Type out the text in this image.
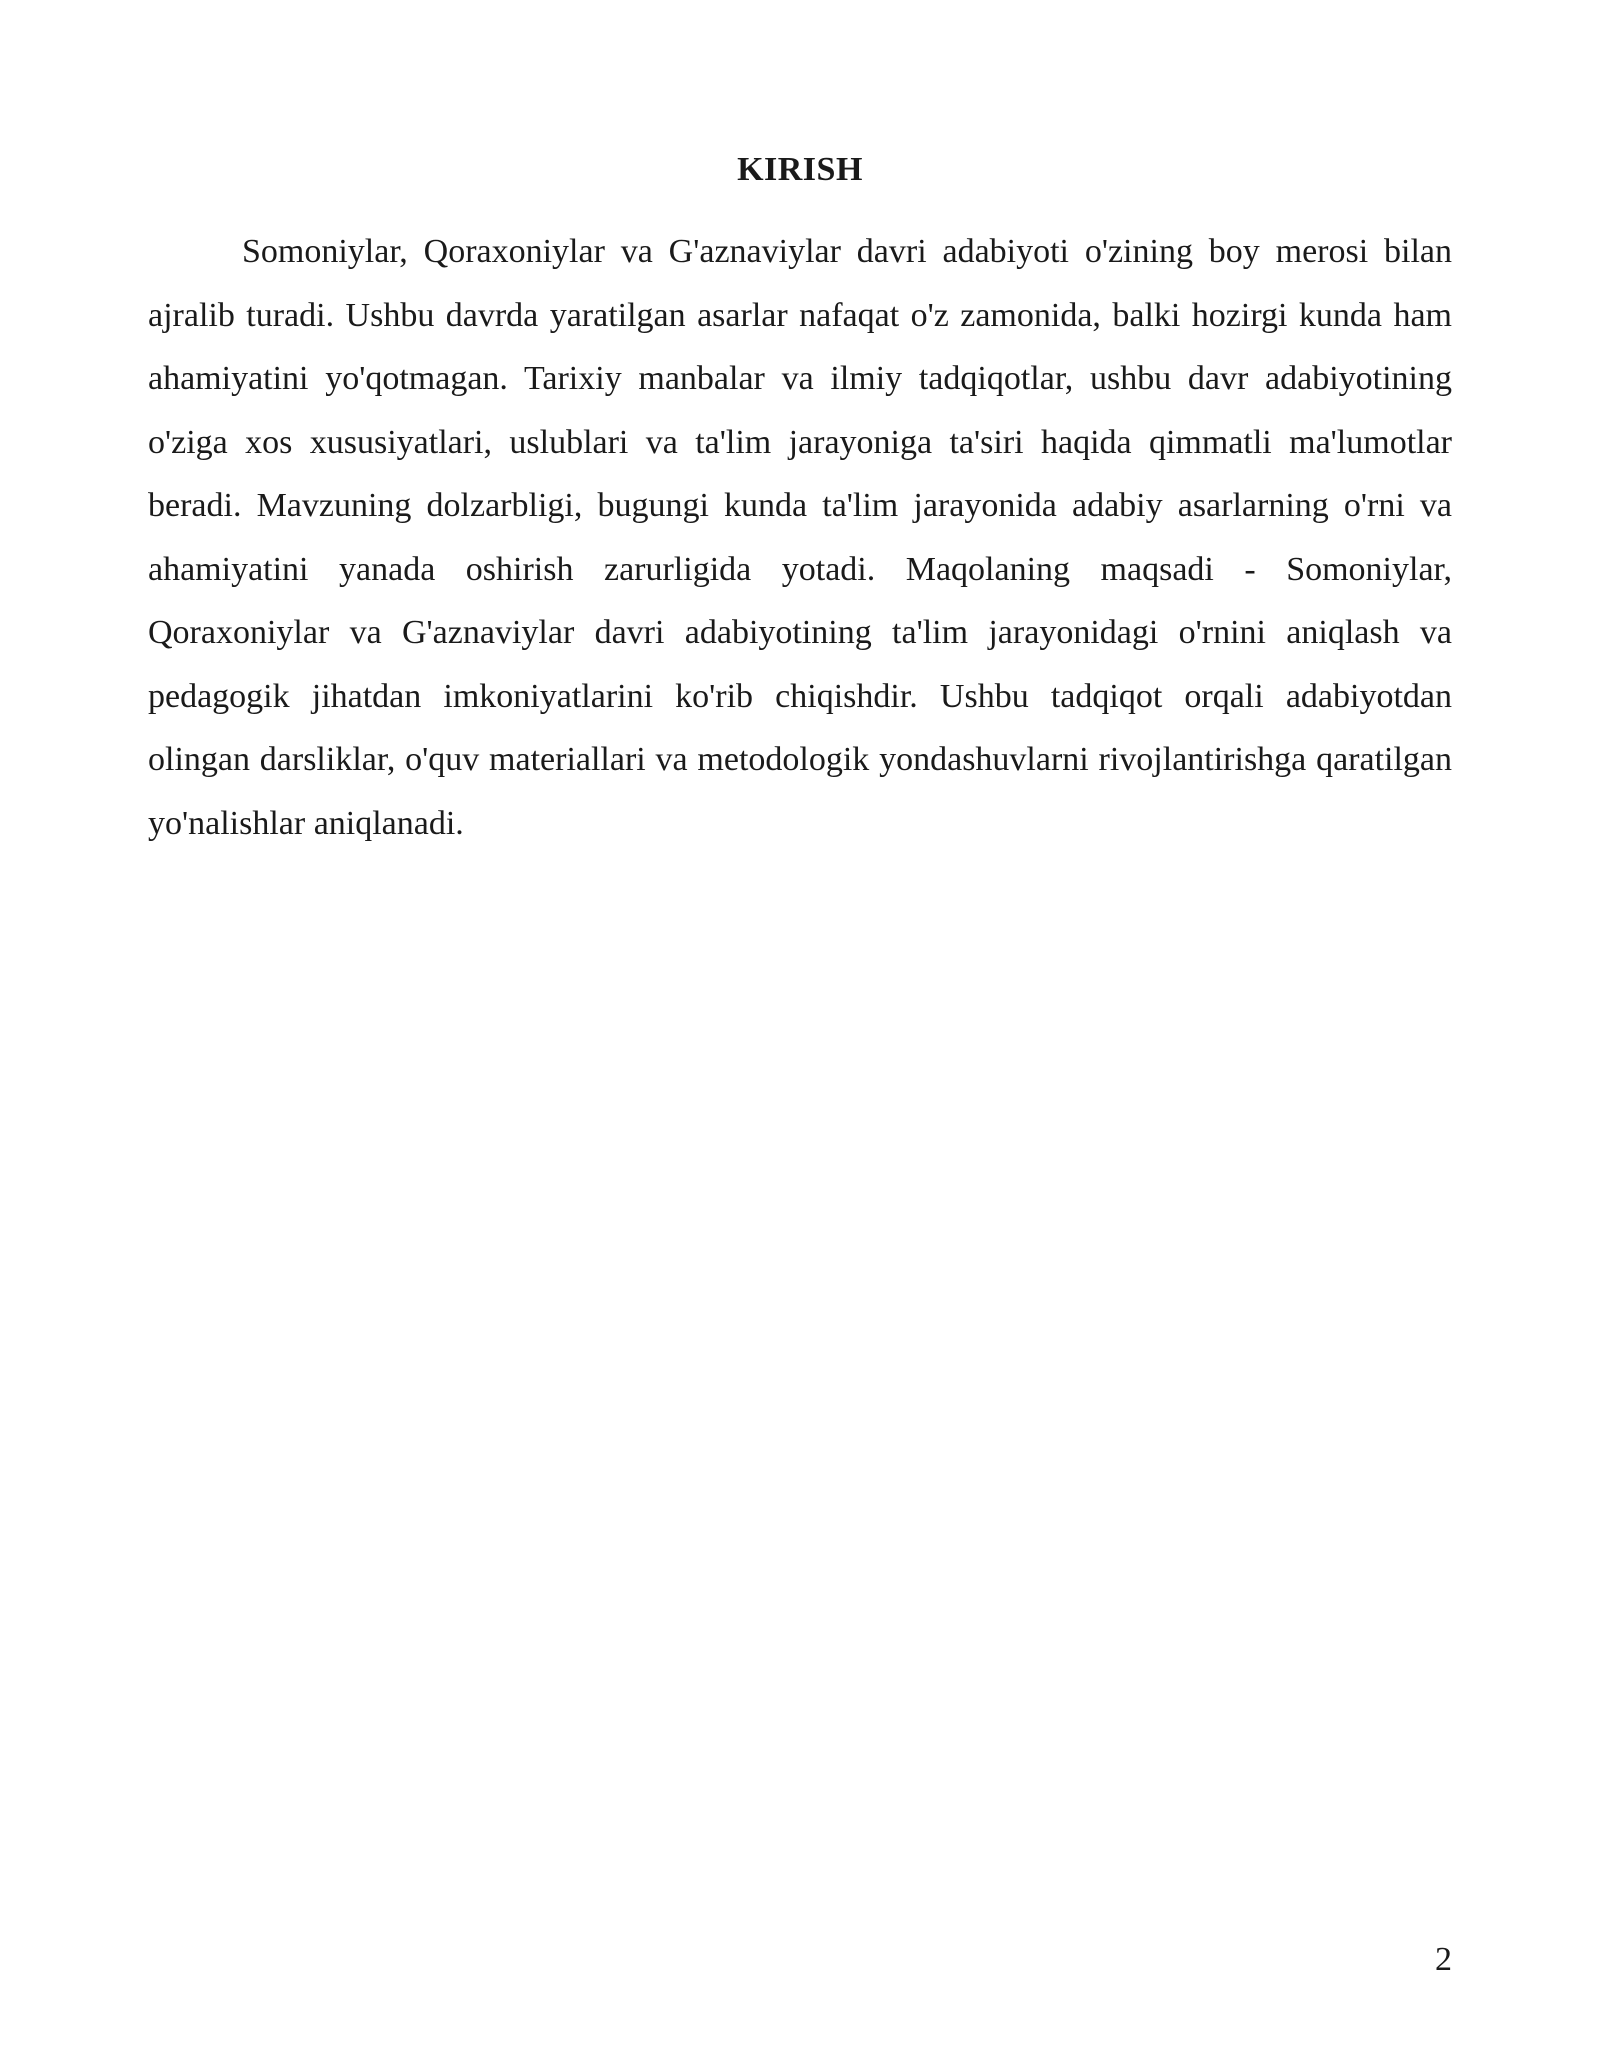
KIRISH

Somoniylar, Qoraxoniylar va G'aznaviylar davri adabiyoti o'zining boy merosi bilan ajralib turadi. Ushbu davrda yaratilgan asarlar nafaqat o'z zamonida, balki hozirgi kunda ham ahamiyatini yo'qotmagan. Tarixiy manbalar va ilmiy tadqiqotlar, ushbu davr adabiyotining o'ziga xos xususiyatlari, uslublari va ta'lim jarayoniga ta'siri haqida qimmatli ma'lumotlar beradi. Mavzuning dolzarbligi, bugungi kunda ta'lim jarayonida adabiy asarlarning o'rni va ahamiyatini yanada oshirish zarurligida yotadi. Maqolaning maqsadi - Somoniylar, Qoraxoniylar va G'aznaviylar davri adabiyotining ta'lim jarayonidagi o'rnini aniqlash va pedagogik jihatdan imkoniyatlarini ko'rib chiqishdir. Ushbu tadqiqot orqali adabiyotdan olingan darsliklar, o'quv materiallari va metodologik yondashuvlarni rivojlantirishga qaratilgan yo'nalishlar aniqlanadi.

2
